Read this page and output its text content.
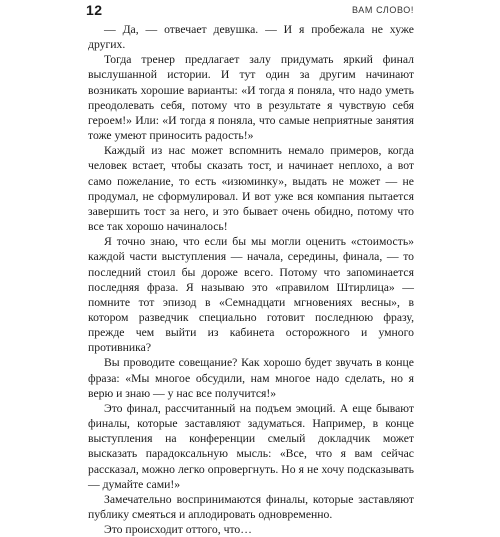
12	ВАМ СЛОВО!

— Да, — отвечает девушка. — И я пробежала не хуже других.

Тогда тренер предлагает залу придумать яркий финал выслушанной истории. И тут один за другим начинают возникать хорошие варианты: «И тогда я поняла, что надо уметь преодолевать себя, потому что в результате я чувствую себя героем!» Или: «И тогда я поняла, что самые неприятные занятия тоже умеют приносить радость!»

Каждый из нас может вспомнить немало примеров, когда человек встает, чтобы сказать тост, и начинает неплохо, а вот само пожелание, то есть «изюминку», выдать не может — не продумал, не сформулировал. И вот уже вся компания пытается завершить тост за него, и это бывает очень обидно, потому что все так хорошо начиналось!

Я точно знаю, что если бы мы могли оценить «стоимость» каждой части выступления — начала, середины, финала, — то последний стоил бы дороже всего. Потому что запоминается последняя фраза. Я называю это «правилом Штирлица» — помните тот эпизод в «Семнадцати мгновениях весны», в котором разведчик специально готовит последнюю фразу, прежде чем выйти из кабинета осторожного и умного противника?

Вы проводите совещание? Как хорошо будет звучать в конце фраза: «Мы многое обсудили, нам многое надо сделать, но я верю и знаю — у нас все получится!»

Это финал, рассчитанный на подъем эмоций. А еще бывают финалы, которые заставляют задуматься. Например, в конце выступления на конференции смелый докладчик может высказать парадоксальную мысль: «Все, что я вам сейчас рассказал, можно легко опровергнуть. Но я не хочу подсказывать — думайте сами!»

Замечательно воспринимаются финалы, которые заставляют публику смеяться и аплодировать одновременно.

Это происходит оттого, что…
